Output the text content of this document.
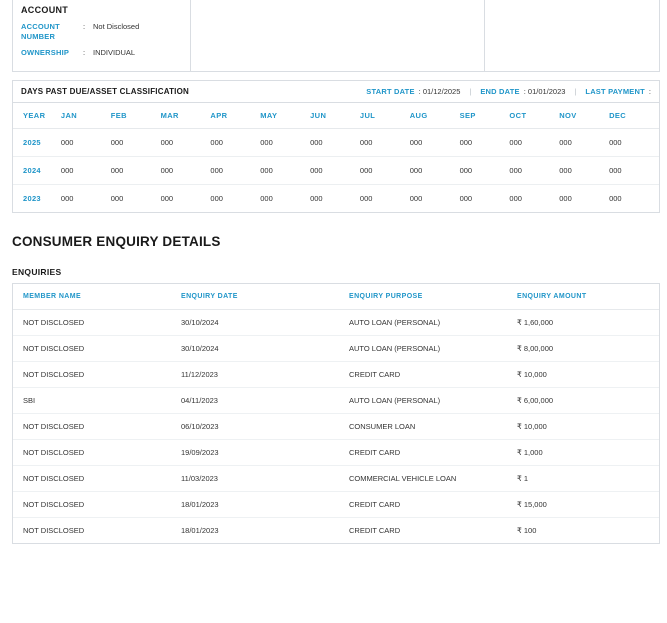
ACCOUNT
ACCOUNT NUMBER
:	Not Disclosed
OWNERSHIP	:	INDIVIDUAL
DAYS PAST DUE/ASSET CLASSIFICATION	START DATE : 01/12/2025 | END DATE : 01/01/2023 | LAST PAYMENT :
YEAR	JAN	FEB	MAR	APR	MAY	JUN	JUL	AUG	SEP	OCT	NOV	DEC
2025	000	000	000	000	000	000	000	000	000	000	000	000
2024	000	000	000	000	000	000	000	000	000	000	000	000
2023	000	000	000	000	000	000	000	000	000	000	000	000
CONSUMER ENQUIRY DETAILS
ENQUIRIES
MEMBER NAME	ENQUIRY DATE	ENQUIRY PURPOSE	ENQUIRY AMOUNT
NOT DISCLOSED	30/10/2024	AUTO LOAN (PERSONAL)	₹ 1,60,000
NOT DISCLOSED	30/10/2024	AUTO LOAN (PERSONAL)	₹ 8,00,000
NOT DISCLOSED	11/12/2023	CREDIT CARD	₹ 10,000
SBI	04/11/2023	AUTO LOAN (PERSONAL)	₹ 6,00,000
NOT DISCLOSED	06/10/2023	CONSUMER LOAN	₹ 10,000
NOT DISCLOSED	19/09/2023	CREDIT CARD	₹ 1,000
NOT DISCLOSED	11/03/2023	COMMERCIAL VEHICLE LOAN	₹ 1
NOT DISCLOSED	18/01/2023	CREDIT CARD	₹ 15,000
NOT DISCLOSED	18/01/2023	CREDIT CARD	₹ 100
